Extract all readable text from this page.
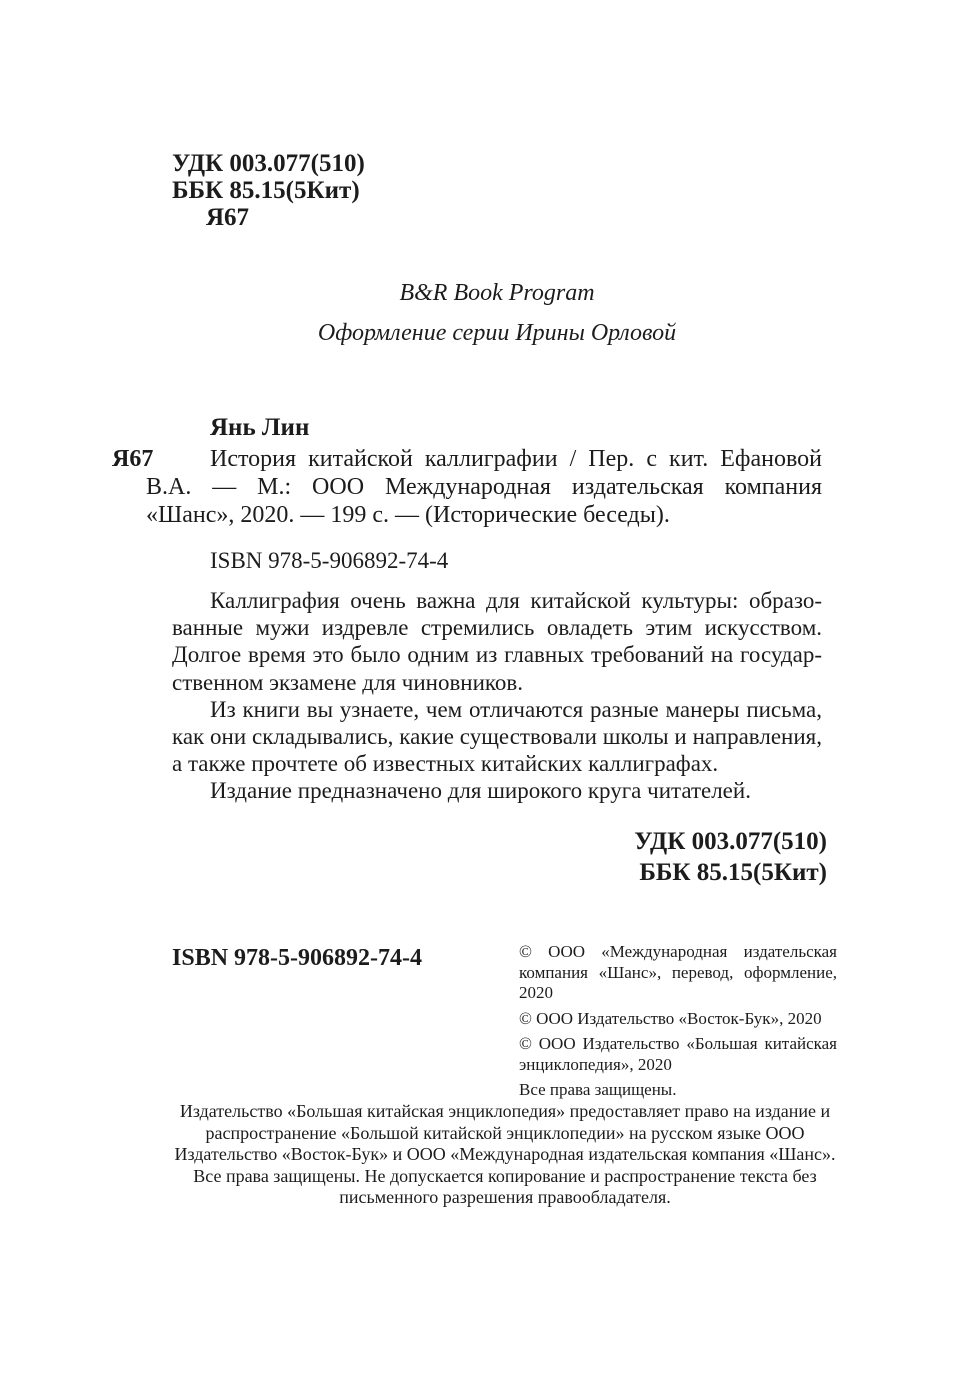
УДК 003.077(510)
ББК 85.15(5Кит)
Я67
B&R Book Program
Оформление серии Ирины Орловой
Янь Лин
Я67	История китайской каллиграфии / Пер. с кит. Ефановой В.А. — М.: ООО Международная издательская компания «Шанс», 2020. — 199 с. — (Исторические беседы).

ISBN 978-5-906892-74-4

Каллиграфия очень важна для китайской культуры: образованные мужи издревле стремились овладеть этим искусством. Долгое время это было одним из главных требований на государственном экзамене для чиновников.

Из книги вы узнаете, чем отличаются разные манеры письма, как они складывались, какие существовали школы и направления, а также прочтете об известных китайских каллиграфах.

Издание предназначено для широкого круга читателей.

УДК 003.077(510)
ББК 85.15(5Кит)
ISBN 978-5-906892-74-4	© ООО «Международная издательская компания «Шанс», перевод, оформление, 2020

© ООО Издательство «Восток-Бук», 2020

© ООО Издательство «Большая китайская энциклопедия», 2020

Все права защищены.

Издательство «Большая китайская энциклопедия» предоставляет право на издание и распространение «Большой китайской энциклопедии» на русском языке ООО Издательство «Восток-Бук» и ООО «Международная издательская компания «Шанс». Все права защищены. Не допускается копирование и распространение текста без письменного разрешения правообладателя.
